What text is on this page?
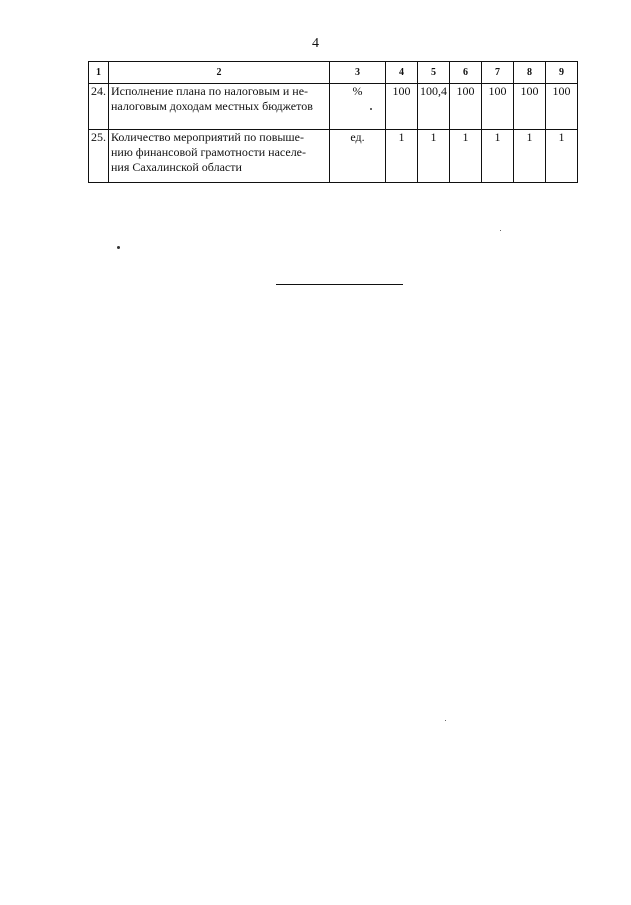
4
1	2	3	4	5	6	7	8	9
24.	Исполнение плана по налоговым и не-
налоговым доходам местных бюджетов	%	100	100,4	100	100	100	100
25.	Количество мероприятий по повыше-
нию финансовой грамотности населе-
ния Сахалинской области	ед.	1	1	1	1	1	1
